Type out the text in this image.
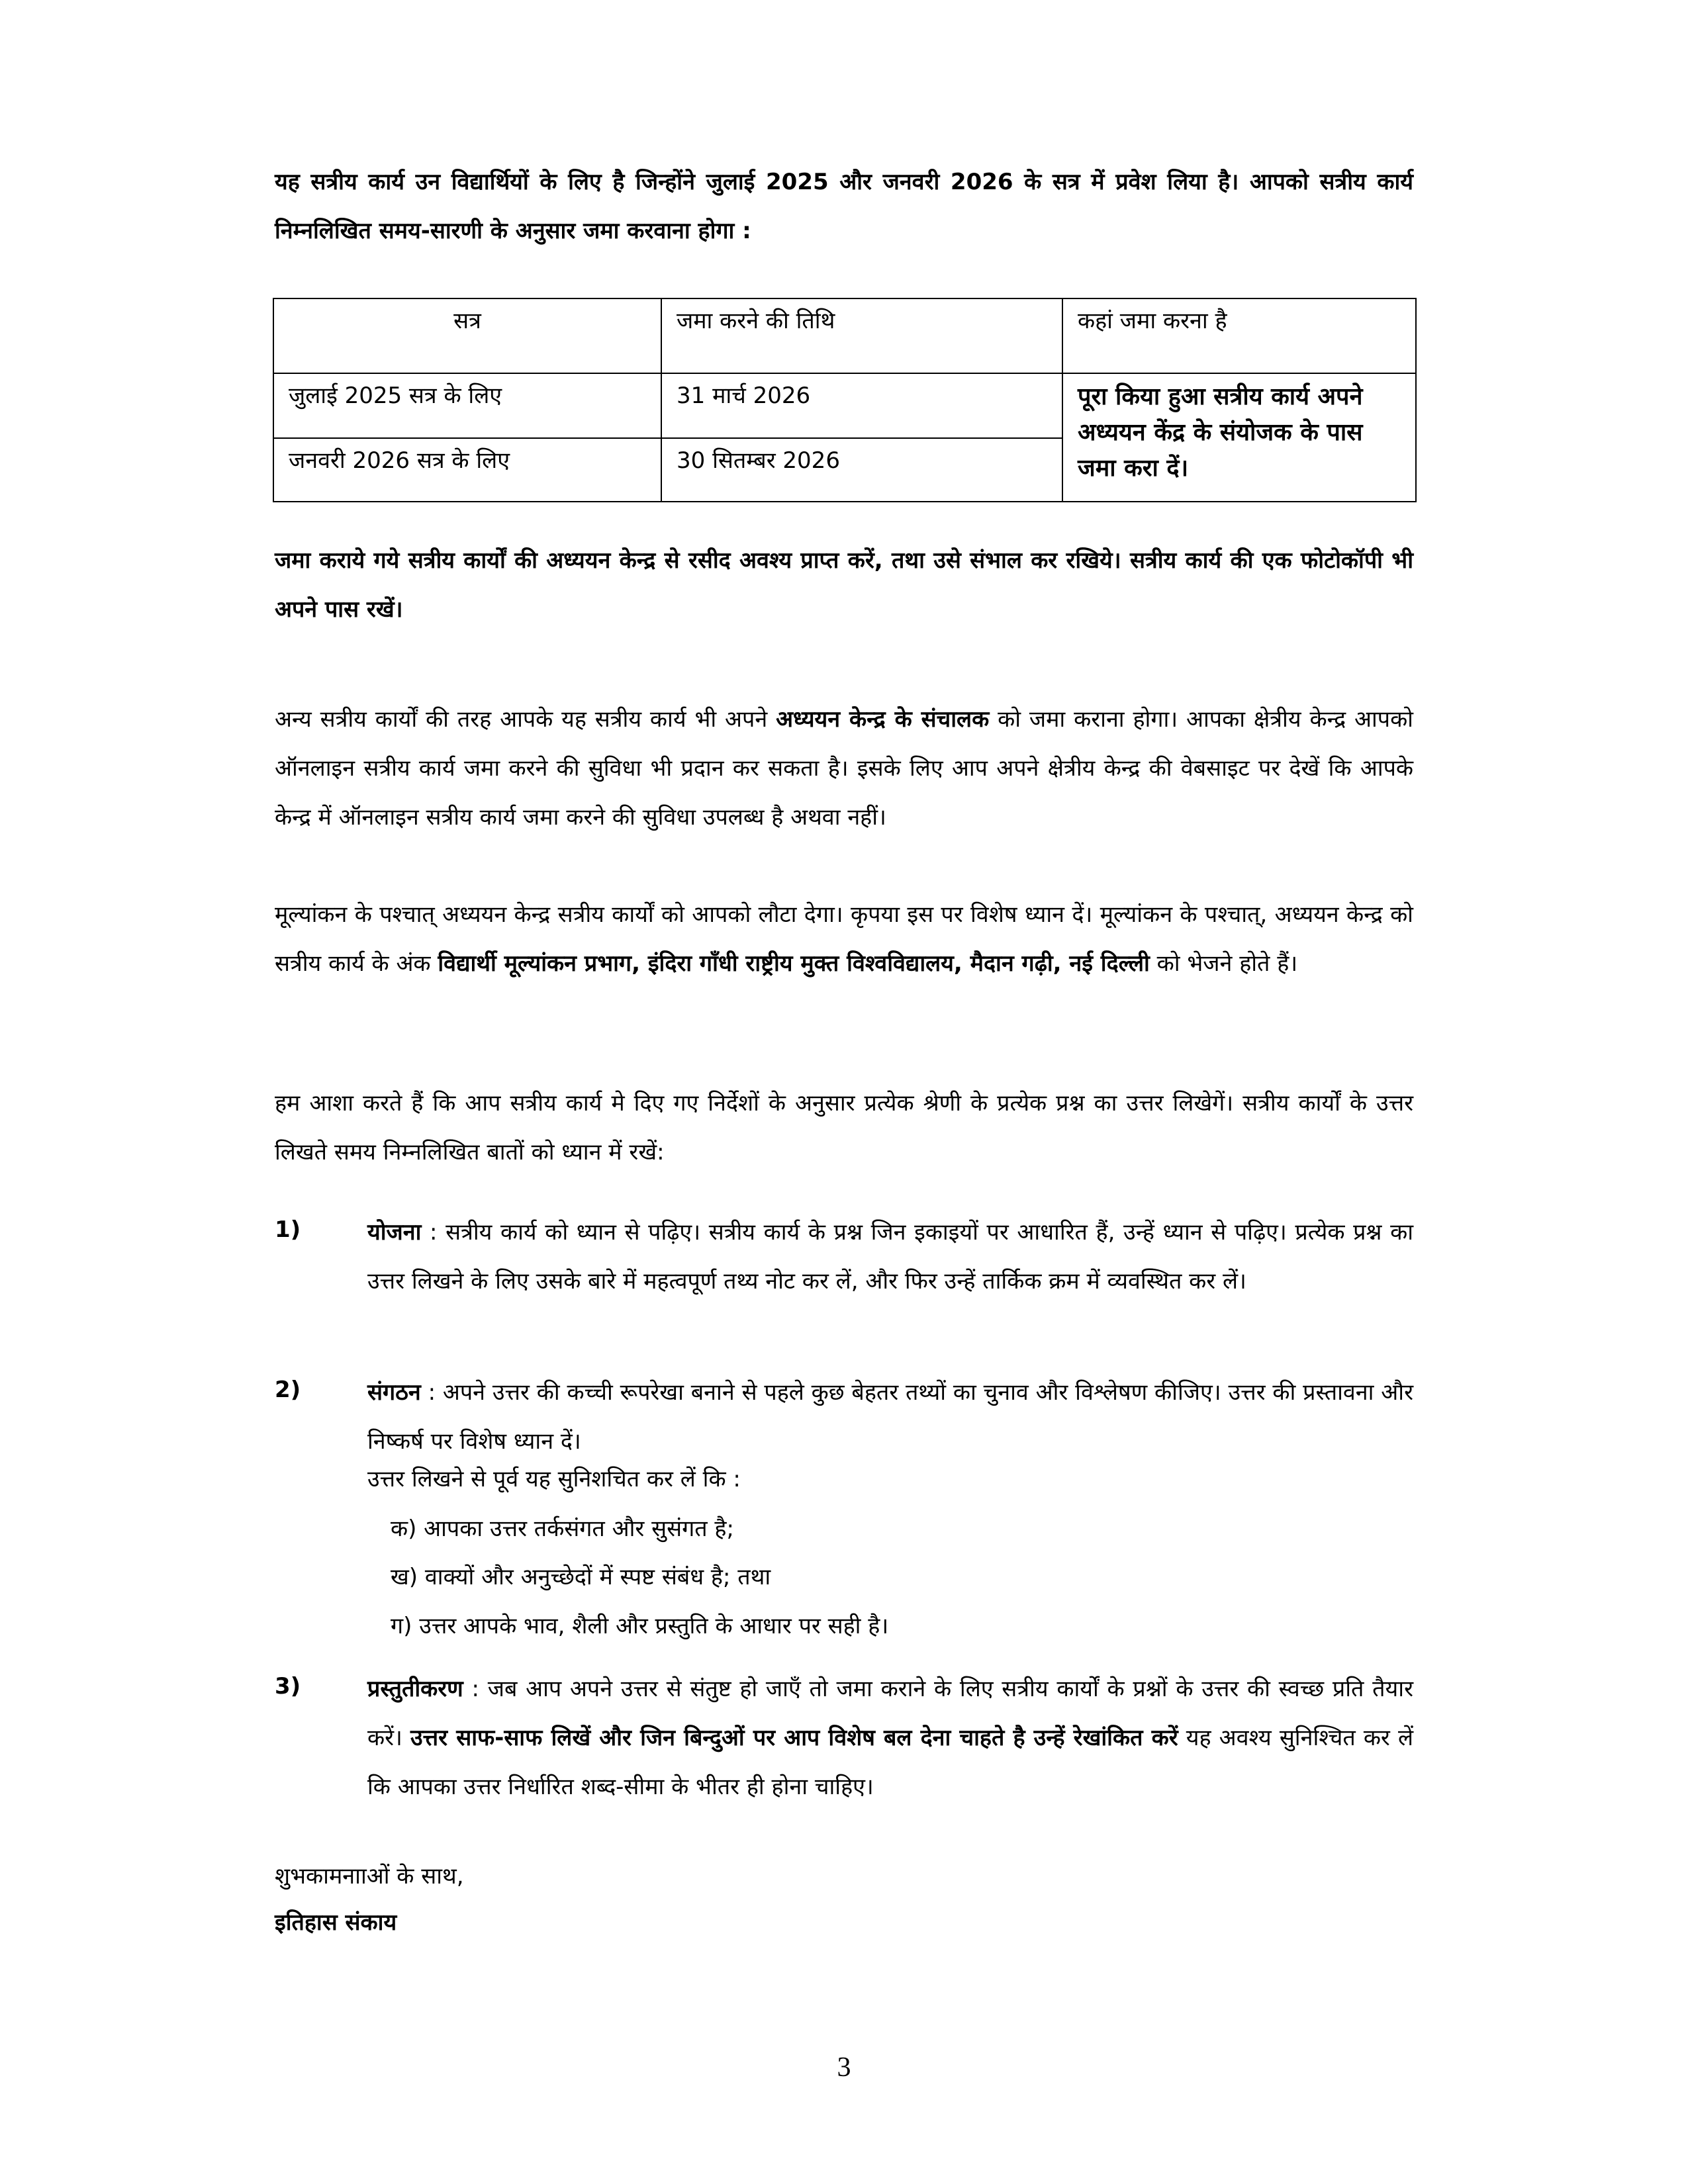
यह सत्रीय कार्य उन विद्यार्थियों के लिए है जिन्होंने जुलाई 2025 और जनवरी 2026 के सत्र में प्रवेश लिया है। आपको सत्रीय कार्य निम्नलिखित समय-सारणी के अनुसार जमा करवाना होगा :

सत्र	जमा करने की तिथि	कहां जमा करना है
जुलाई 2025 सत्र के लिए	31 मार्च 2026	पूरा किया हुआ सत्रीय कार्य अपने अध्ययन केंद्र के संयोजक के पास जमा करा दें।
जनवरी 2026 सत्र के लिए	30 सितम्बर 2026	

जमा कराये गये सत्रीय कार्यों की अध्ययन केन्द्र से रसीद अवश्य प्राप्त करें, तथा उसे संभाल कर रखिये। सत्रीय कार्य की एक फोटोकॉपी भी अपने पास रखें।

अन्य सत्रीय कार्यों की तरह आपके यह सत्रीय कार्य भी अपने अध्ययन केन्द्र के संचालक को जमा कराना होगा। आपका क्षेत्रीय केन्द्र आपको ऑनलाइन सत्रीय कार्य जमा करने की सुविधा भी प्रदान कर सकता है। इसके लिए आप अपने क्षेत्रीय केन्द्र की वेबसाइट पर देखें कि आपके केन्द्र में ऑनलाइन सत्रीय कार्य जमा करने की सुविधा उपलब्ध है अथवा नहीं।

मूल्यांकन के पश्चात् अध्ययन केन्द्र सत्रीय कार्यों को आपको लौटा देगा। कृपया इस पर विशेष ध्यान दें। मूल्यांकन के पश्चात्, अध्ययन केन्द्र को सत्रीय कार्य के अंक विद्यार्थी मूल्यांकन प्रभाग, इंदिरा गाँधी राष्ट्रीय मुक्त विश्वविद्यालय, मैदान गढ़ी, नई दिल्ली को भेजने होते हैं।

हम आशा करते हैं कि आप सत्रीय कार्य मे दिए गए निर्देशों के अनुसार प्रत्येक श्रेणी के प्रत्येक प्रश्न का उत्तर लिखेगें। सत्रीय कार्यों के उत्तर लिखते समय निम्नलिखित बातों को ध्यान में रखें:

1)	योजना : सत्रीय कार्य को ध्यान से पढ़िए। सत्रीय कार्य के प्रश्न जिन इकाइयों पर आधारित हैं, उन्हें ध्यान से पढ़िए। प्रत्येक प्रश्न का उत्तर लिखने के लिए उसके बारे में महत्वपूर्ण तथ्य नोट कर लें, और फिर उन्हें तार्किक क्रम में व्यवस्थित कर लें।

2)	संगठन : अपने उत्तर की कच्ची रूपरेखा बनाने से पहले कुछ बेहतर तथ्यों का चुनाव और विश्लेषण कीजिए। उत्तर की प्रस्तावना और निष्कर्ष पर विशेष ध्यान दें।

उत्तर लिखने से पूर्व यह सुनिशचित कर लें कि :
क) आपका उत्तर तर्कसंगत और सुसंगत है;
ख) वाक्यों और अनुच्छेदों में स्पष्ट संबंध है; तथा
ग) उत्तर आपके भाव, शैली और प्रस्तुति के आधार पर सही है।
3)	प्रस्तुतीकरण : जब आप अपने उत्तर से संतुष्ट हो जाएँ तो जमा कराने के लिए सत्रीय कार्यों के प्रश्नों के उत्तर की स्वच्छ प्रति तैयार करें। उत्तर साफ-साफ लिखें और जिन बिन्दुओं पर आप विशेष बल देना चाहते है उन्हें रेखांकित करें यह अवश्य सुनिश्चित कर लें कि आपका उत्तर निर्धारित शब्द-सीमा के भीतर ही होना चाहिए।

शुभकामनााओं के साथ,
इतिहास संकाय
3
